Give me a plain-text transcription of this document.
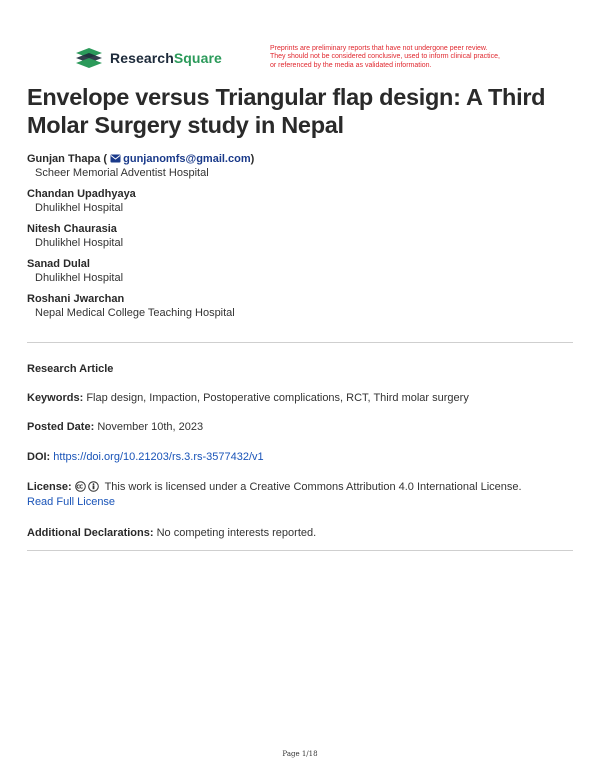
ResearchSquare
Preprints are preliminary reports that have not undergone peer review.
They should not be considered conclusive, used to inform clinical practice,
or referenced by the media as validated information.
Envelope versus Triangular flap design: A Third Molar Surgery study in Nepal
Gunjan Thapa ( gunjanomfs@gmail.com)
Scheer Memorial Adventist Hospital
Chandan Upadhyaya
Dhulikhel Hospital
Nitesh Chaurasia
Dhulikhel Hospital
Sanad Dulal
Dhulikhel Hospital
Roshani Jwarchan
Nepal Medical College Teaching Hospital
Research Article
Keywords: Flap design, Impaction, Postoperative complications, RCT, Third molar surgery
Posted Date: November 10th, 2023
DOI: https://doi.org/10.21203/rs.3.rs-3577432/v1
License:	This work is licensed under a Creative Commons Attribution 4.0 International License.
Read Full License
Additional Declarations: No competing interests reported.
Page 1/18
